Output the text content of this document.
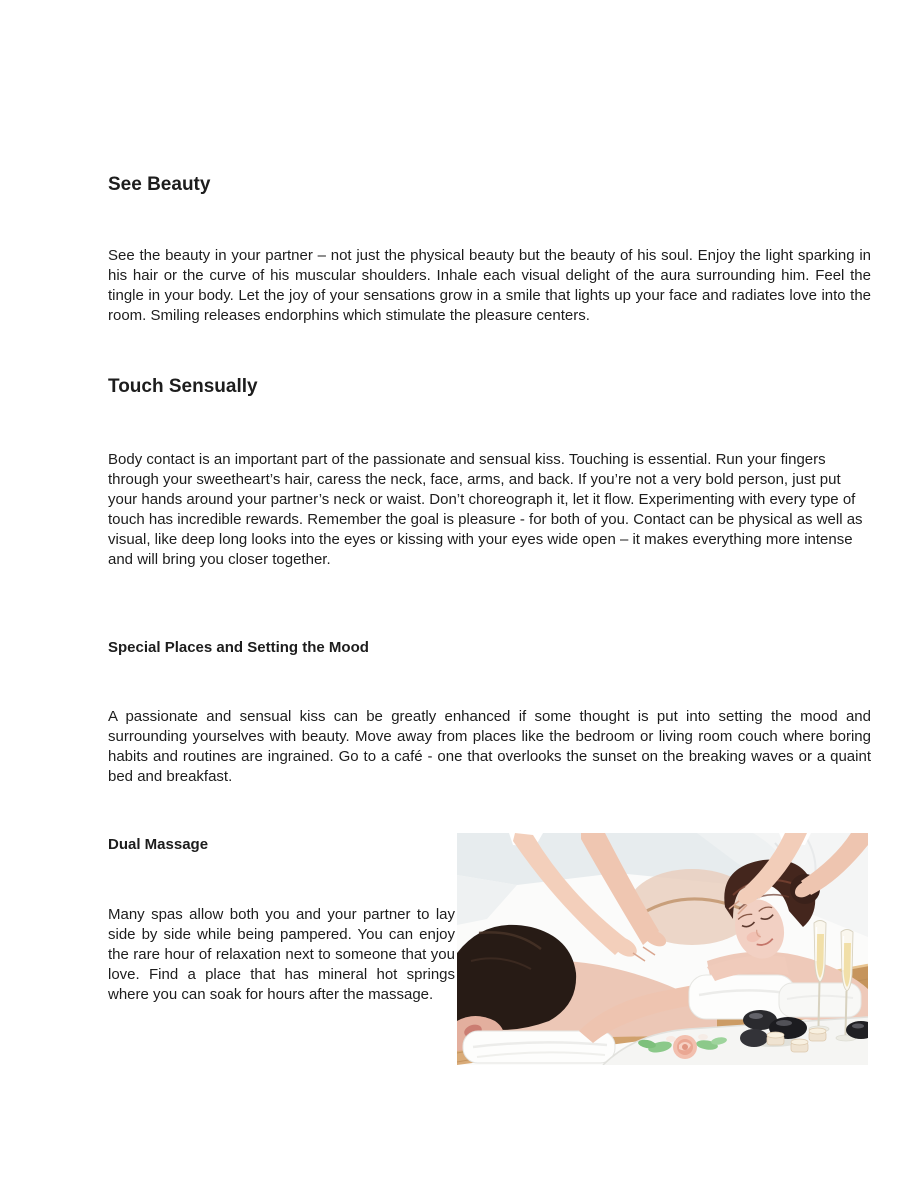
See Beauty
See the beauty in your partner – not just the physical beauty but the beauty of his soul. Enjoy the light sparking in his hair or the curve of his muscular shoulders. Inhale each visual delight of the aura surrounding him. Feel the tingle in your body. Let the joy of your sensations grow in a smile that lights up your face and radiates love into the room. Smiling releases endorphins which stimulate the pleasure centers.
Touch Sensually
Body contact is an important part of the passionate and sensual kiss. Touching is essential. Run your fingers through your sweetheart’s hair, caress the neck, face, arms, and back. If you’re not a very bold person, just put your hands around your partner’s neck or waist. Don’t choreograph it, let it flow. Experimenting with every type of touch has incredible rewards. Remember the goal is pleasure - for both of you. Contact can be physical as well as visual, like deep long looks into the eyes or kissing with your eyes wide open – it makes everything more intense and will bring you closer together.
Special Places and Setting the Mood
A passionate and sensual kiss can be greatly enhanced if some thought is put into setting the mood and surrounding yourselves with beauty. Move away from places like the bedroom or living room couch where boring habits and routines are ingrained. Go to a café - one that overlooks the sunset on the breaking waves or a quaint bed and breakfast.
Dual Massage
Many spas allow both you and your partner to lay side by side while being pampered. You can enjoy the rare hour of relaxation next to someone that you love. Find a place that has mineral hot springs where you can soak for hours after the massage.
